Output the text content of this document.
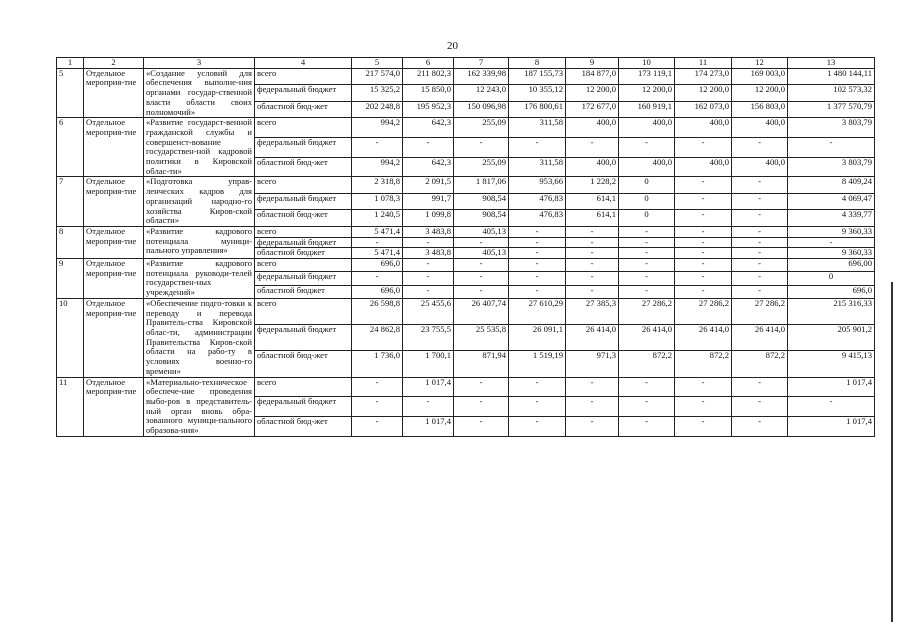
20
1	2	3	4	5	6	7	8	9	10	11	12	13
5	Отдельное мероприя-тие	«Создание условий для обеспечения выполне-ния органами государ-ственной власти области своих полномочий»	всего	217 574,0	211 802,3	162 339,98	187 155,73	184 877,0	173 119,1	174 273,0	169 003,0	1 480 144,11
			федеральный бюджет	15 325,2	15 850,0	12 243,0	10 355,12	12 200,0	12 200,0	12 200,0	12 200,0	102 573,32
			областной бюд-жет	202 248,8	195 952,3	150 096,98	176 800,61	172 677,0	160 919,1	162 073,0	156 803,0	1 377 570,79
6	Отдельное мероприя-тие	«Развитие государст-венной гражданской службы и совершенст-вование государствен-ной кадровой политики в Кировской облас-ти»	всего	994,2	642,3	255,09	311,58	400,0	400,0	400,0	400,0	3 803,79
			федеральный бюджет	-	-	-	-	-	-	-	-	-
			областной бюд-жет	994,2	642,3	255,09	311,58	400,0	400,0	400,0	400,0	3 803,79
7	Отдельное мероприя-тие	«Подготовка управ-ленческих кадров для организаций народно-го хозяйства Киров-ской области»	всего	2 318,8	2 091,5	1 817,06	953,66	1 228,2	0	-	-	8 409,24
			федеральный бюджет	1 078,3	991,7	908,54	476,83	614,1	0	-	-	4 069,47
			областной бюд-жет	1 240,5	1 099,8	908,54	476,83	614,1	0	-	-	4 339,77
8	Отдельное мероприя-тие	«Развитие кадрового потенциала муници-пального управления»	всего	5 471,4	3 483,8	405,13	-	-	-	-	-	9 360,33
			федеральный бюджет	-	-	-	-	-	-	-	-	-
			областной бюджет	5 471,4	3 483,8	405,13	-	-	-	-	-	9 360,33
9	Отдельное мероприя-тие	«Развитие кадрового потенциала руководи-телей государствен-ных учреждений»	всего	696,0	-	-	-	-	-	-	-	696,00
			федеральный бюджет	-	-	-	-	-	-	-	-	0
			областной бюджет	696,0	-	-	-	-	-	-	-	696,0
10	Отдельное мероприя-тие	«Обеспечение подго-товки к переводу и перевода Правитель-ства Кировской облас-ти, администрации Правительства Киров-ской области на рабо-ту в условиях военно-го времени»	всего	26 598,8	25 455,6	26 407,74	27 610,29	27 385,3	27 286,2	27 286,2	27 286,2	215 316,33
			федеральный бюджет	24 862,8	23 755,5	25 535,8	26 091,1	26 414,0	26 414,0	26 414,0	26 414,0	205 901,2
			областной бюд-жет	1 736,0	1 700,1	871,94	1 519,19	971,3	872,2	872,2	872,2	9 415,13
11	Отдельное мероприя-тие	«Материально-техническое обеспече-ние проведения выбо-ров в представитель-ный орган вновь обра-зованного муници-пального образова-ния»	всего	-	1 017,4	-	-	-	-	-	-	1 017,4
			федеральный бюджет	-	-	-	-	-	-	-	-	-
			областной бюд-жет	-	1 017,4	-	-	-	-	-	-	1 017,4
